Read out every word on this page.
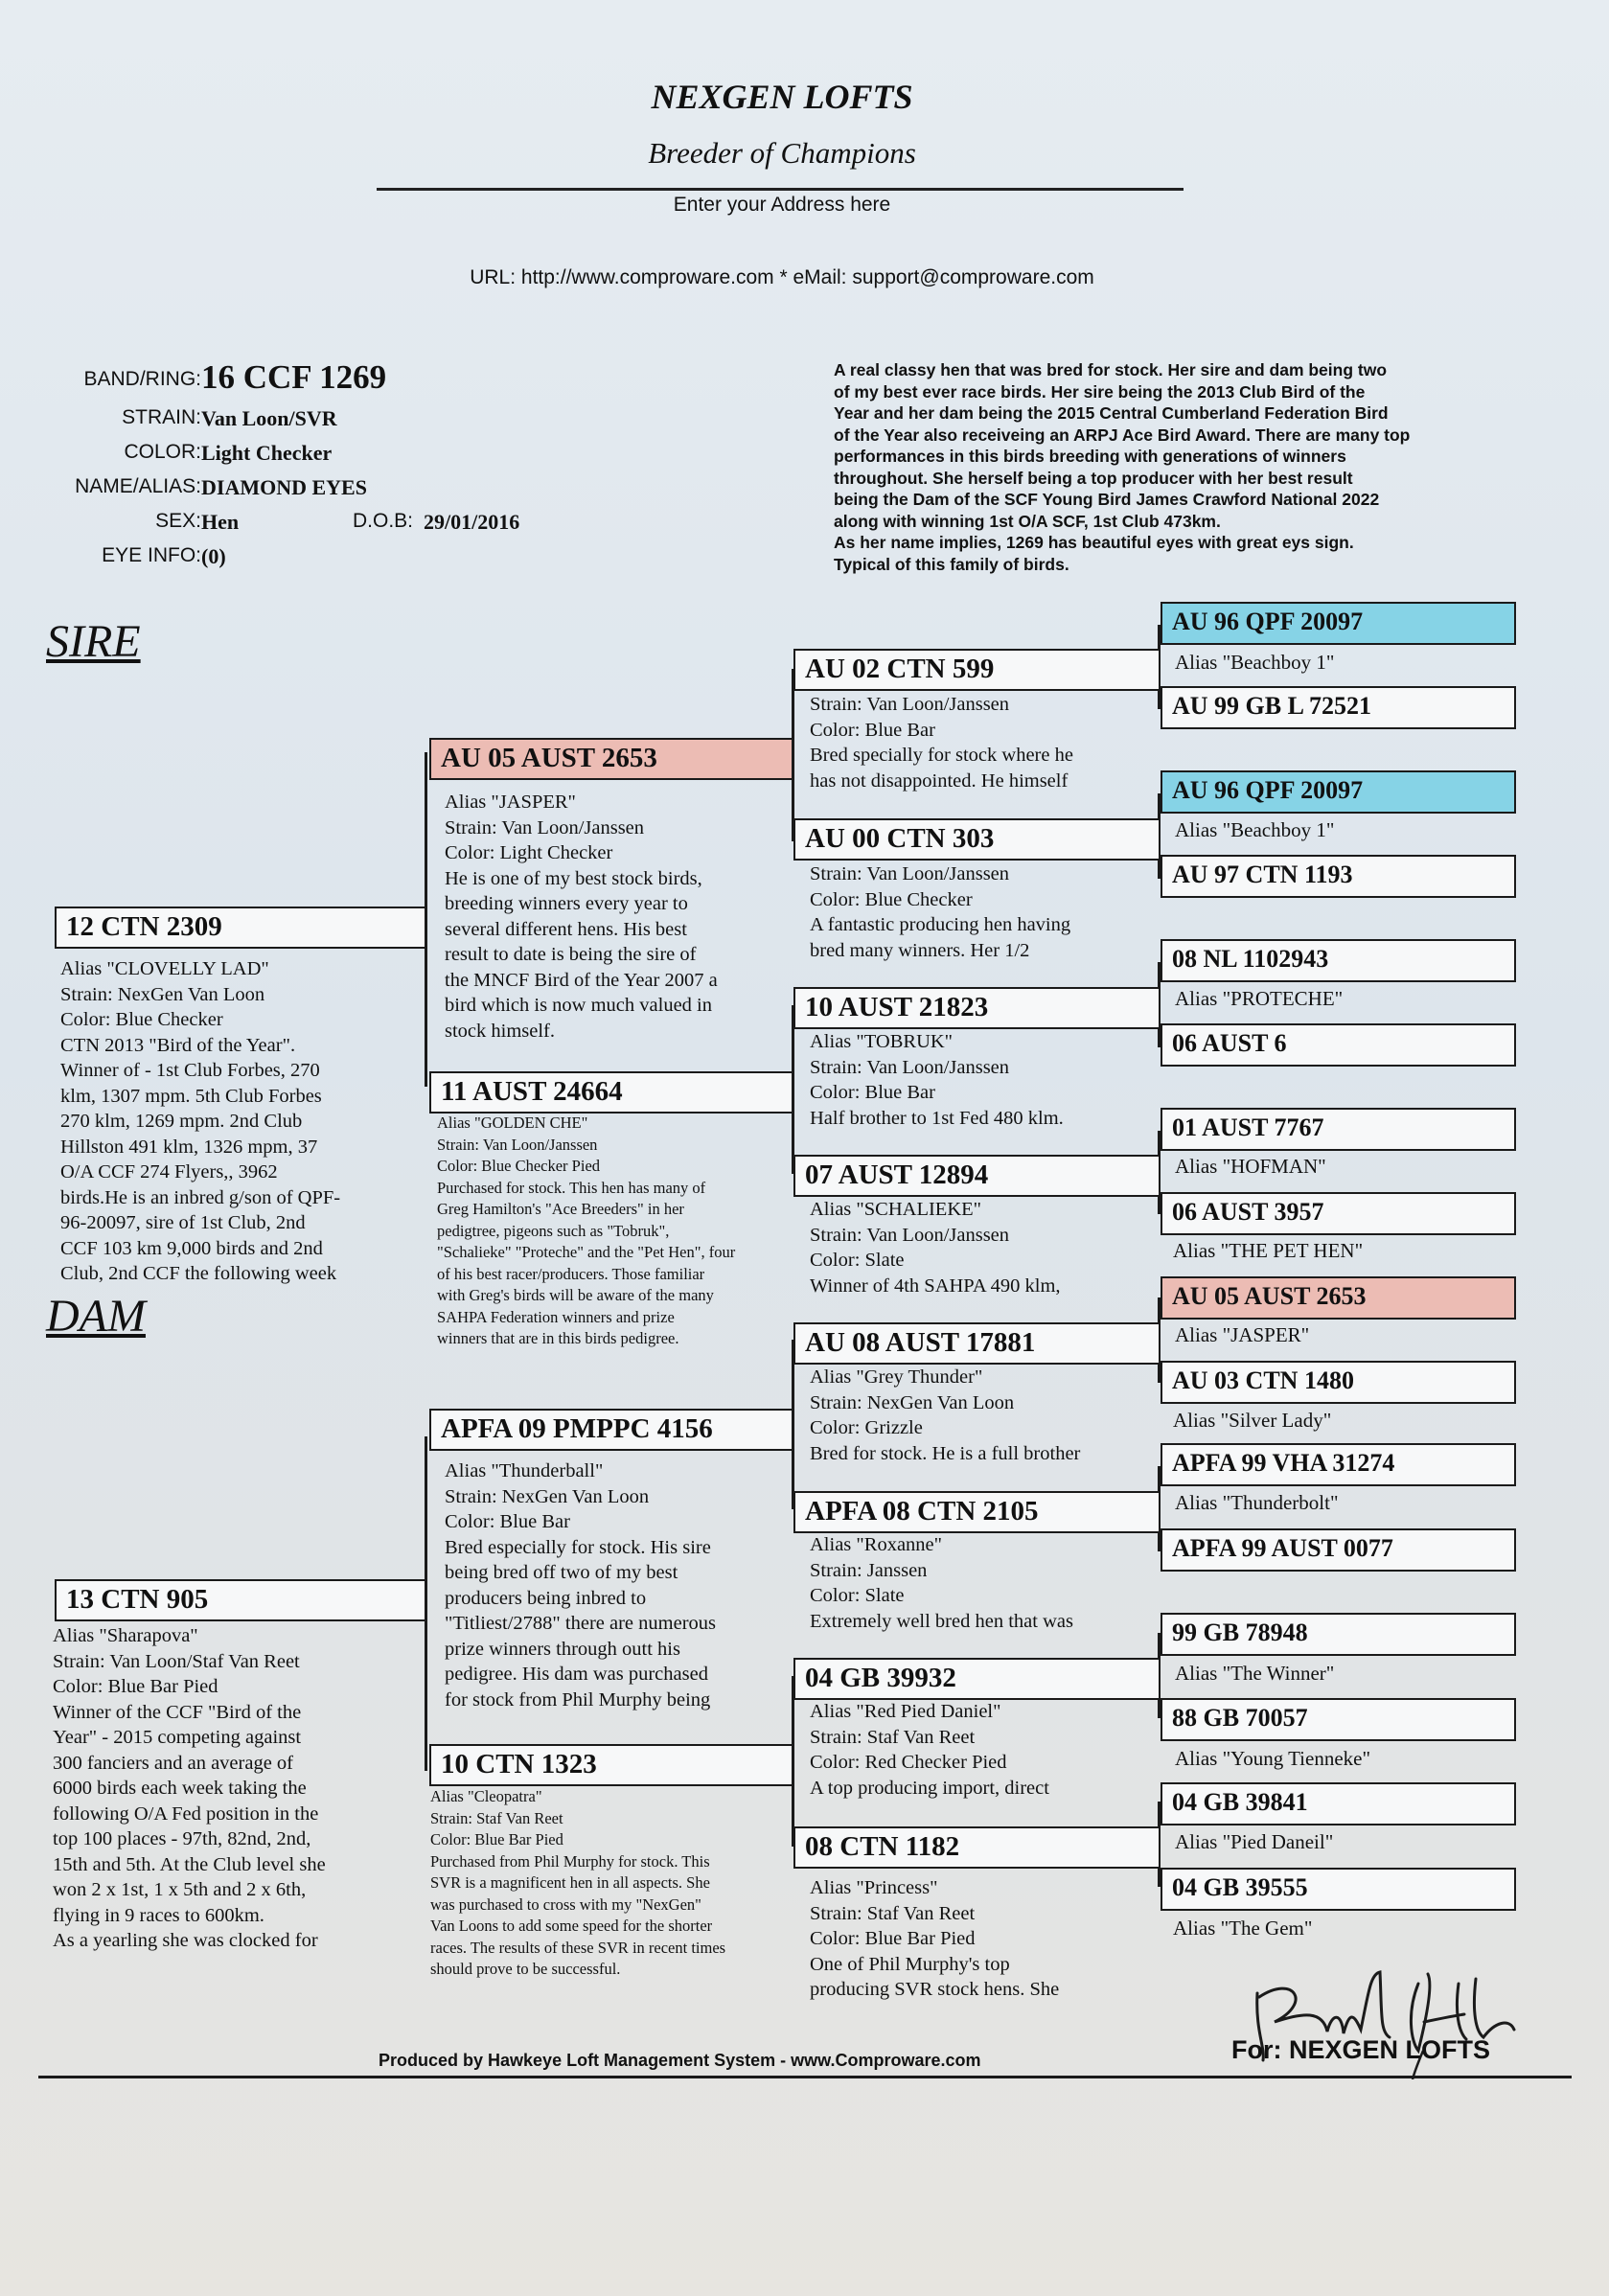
NEXGEN LOFTS
Breeder of Champions
Enter your Address here
URL: http://www.comproware.com * eMail: support@comproware.com
BAND/RING: 16 CCF 1269
STRAIN: Van Loon/SVR
COLOR: Light Checker
NAME/ALIAS: DIAMOND EYES
SEX: Hen	D.O.B: 29/01/2016
EYE INFO: (0)
A real classy hen that was bred for stock. Her sire and dam being two
of my best ever race birds. Her sire being the 2013 Club Bird of the
Year and her dam being the 2015 Central Cumberland Federation Bird
of the Year also receiveing an ARPJ Ace Bird Award. There are many top
performances in this birds breeding with generations of winners
throughout. She herself being a top producer with her best result
being the Dam of the SCF Young Bird James Crawford National 2022
along with winning 1st O/A SCF, 1st Club 473km.
As her name implies, 1269 has beautiful eyes with great eys sign.
Typical of this family of birds.
SIRE
DAM
12 CTN 2309
Alias "CLOVELLY LAD"
Strain: NexGen Van Loon
Color: Blue Checker
CTN 2013 "Bird of the Year".
Winner of - 1st Club Forbes, 270
klm, 1307 mpm. 5th Club Forbes
270 klm, 1269 mpm. 2nd Club
Hillston 491 klm, 1326 mpm, 37
O/A CCF 274 Flyers,, 3962
birds.He is an inbred g/son of QPF-
96-20097, sire of 1st Club, 2nd
CCF 103 km 9,000 birds and 2nd
Club, 2nd CCF the following week
13 CTN 905
Alias "Sharapova"
Strain: Van Loon/Staf Van Reet
Color: Blue Bar Pied
Winner of the CCF "Bird of the
Year" - 2015 competing against
300 fanciers and an average of
6000 birds each week taking the
following O/A Fed position in the
top 100 places - 97th, 82nd, 2nd,
15th and 5th. At the Club level she
won 2 x 1st, 1 x 5th and 2 x 6th,
flying in 9 races to 600km.
As a yearling she was clocked for
AU 05 AUST 2653
Alias "JASPER"
Strain: Van Loon/Janssen
Color: Light Checker
He is one of my best stock birds,
breeding winners every year to
several different hens. His best
result to date is being the sire of
the MNCF Bird of the Year 2007 a
bird which is now much valued in
stock himself.
11 AUST 24664
Alias "GOLDEN CHE"
Strain: Van Loon/Janssen
Color: Blue Checker Pied
Purchased for stock. This hen has many of
Greg Hamilton's "Ace Breeders" in her
pedigtree, pigeons such as "Tobruk",
"Schalieke" "Proteche" and the "Pet Hen", four
of his best racer/producers. Those familiar
with Greg's birds will be aware of the many
SAHPA Federation winners and prize
winners that are in this birds pedigree.
APFA 09 PMPPC 4156
Alias "Thunderball"
Strain: NexGen Van Loon
Color: Blue Bar
Bred especially for stock. His sire
being bred off two of my best
producers being inbred to
"Titliest/2788" there are numerous
prize winners through outt his
pedigree. His dam was purchased
for stock from Phil Murphy being
10 CTN 1323
Alias "Cleopatra"
Strain: Staf Van Reet
Color: Blue Bar Pied
Purchased from Phil Murphy for stock. This
SVR is a magnificent hen in all aspects. She
was purchased to cross with my "NexGen"
Van Loons to add some speed for the shorter
races. The results of these SVR in recent times
should prove to be successful.
AU 02 CTN 599
Strain: Van Loon/Janssen
Color: Blue Bar
Bred specially for stock where he
has not disappointed. He himself
AU 00 CTN 303
Strain: Van Loon/Janssen
Color: Blue Checker
A fantastic producing hen having
bred many winners. Her 1/2
10 AUST 21823
Alias "TOBRUK"
Strain: Van Loon/Janssen
Color: Blue Bar
Half brother to 1st Fed 480 klm.
07 AUST 12894
Alias "SCHALIEKE"
Strain: Van Loon/Janssen
Color: Slate
Winner of 4th SAHPA 490 klm,
AU 08 AUST 17881
Alias "Grey Thunder"
Strain: NexGen Van Loon
Color: Grizzle
Bred for stock. He is a full brother
APFA 08 CTN 2105
Alias "Roxanne"
Strain: Janssen
Color: Slate
Extremely well bred hen that was
04 GB 39932
Alias "Red Pied Daniel"
Strain: Staf Van Reet
Color: Red Checker Pied
A top producing import, direct
08 CTN 1182
Alias "Princess"
Strain: Staf Van Reet
Color: Blue Bar Pied
One of Phil Murphy's top
producing SVR stock hens. She
AU 96 QPF 20097
Alias "Beachboy 1"
AU 99 GB L 72521
AU 96 QPF 20097
Alias "Beachboy 1"
AU 97 CTN 1193
08 NL 1102943
Alias "PROTECHE"
06 AUST 6
01 AUST 7767
Alias "HOFMAN"
06 AUST 3957
Alias "THE PET HEN"
AU 05 AUST 2653
Alias "JASPER"
AU 03 CTN 1480
Alias "Silver Lady"
APFA 99 VHA 31274
Alias "Thunderbolt"
APFA 99 AUST 0077
99 GB 78948
Alias "The Winner"
88 GB 70057
Alias "Young Tienneke"
04 GB 39841
Alias "Pied Daneil"
04 GB 39555
Alias "The Gem"
Produced by Hawkeye Loft Management System - www.Comproware.com	For: NEXGEN LOFTS
